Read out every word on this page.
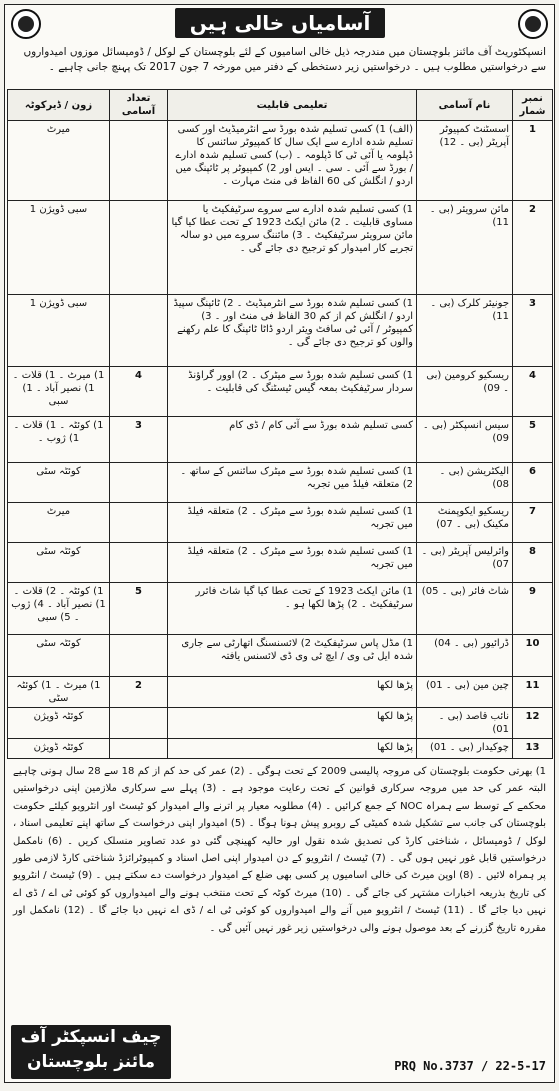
آسامیاں خالی ہیں
انسپکٹوریٹ آف مائنز بلوچستان میں مندرجہ ذیل خالی اسامیوں کے لئے بلوچستان کے لوکل / ڈومیسائل موزوں امیدواروں سے درخواستیں مطلوب ہیں ۔ درخواستیں زیر دستخطی کے دفتر میں مورخہ 7 جون 2017 تک پہنچ جانی چاہیے ۔
نمبر شمار	نام آسامی	تعلیمی قابلیت	تعداد آسامی	زون / ڈیرکوٹہ
1	اسسٹنٹ کمپیوٹر آپریٹر (بی ۔ 12)	(الف) 1) کسی تسلیم شدہ بورڈ سے انٹرمیڈیٹ اور کسی تسلیم شدہ ادارے سے ایک سال کا کمپیوٹر سائنس کا ڈپلومہ یا آئی ٹی کا ڈپلومہ ۔ (ب) کسی تسلیم شدہ ادارے / بورڈ سے آئی ۔ سی ۔ ایس اور 2) کمپیوٹر پر ٹائپنگ میں اردو / انگلش کی 60 الفاظ فی منٹ مہارت ۔		میرٹ
2	مائن سرویئر (بی ۔ 11)	1) کسی تسلیم شدہ ادارے سے سروے سرٹیفکیٹ یا مساوی قابلیت ۔ 2) مائن ایکٹ 1923 کے تحت عطا کیا گیا مائن سرویئر سرٹیفکیٹ ۔ 3) مائننگ سروے میں دو سالہ تجربے کار امیدوار کو ترجیح دی جائے گی ۔		سبی ڈویژن 1
3	جونیئر کلرک (بی ۔ 11)	1) کسی تسلیم شدہ بورڈ سے انٹرمیڈیٹ ۔ 2) ٹائپنگ سپیڈ اردو / انگلش کم از کم 30 الفاظ فی منٹ اور ۔ 3) کمپیوٹر / آئی ٹی سافٹ ویئر اردو ڈاٹا ٹائپنگ کا علم رکھنے والوں کو ترجیح دی جائے گی ۔		سبی ڈویژن 1
4	ریسکیو کرومین (بی ۔ 09)	1) کسی تسلیم شدہ بورڈ سے میٹرک ۔ 2) اوور گراؤنڈ سردار سرٹیفکیٹ بمعہ گیس ٹیسٹنگ کی قابلیت ۔	4	1) میرٹ ۔ 1) قلات ۔ 1) نصیر آباد ۔ 1) سبی
5	سیس انسپکٹر (بی ۔ 09)	کسی تسلیم شدہ بورڈ سے آئی کام / ڈی کام	3	1) کوئٹہ ۔ 1) قلات ۔ 1) ژوب ۔
6	الیکٹریشن (بی ۔ 08)	1) کسی تسلیم شدہ بورڈ سے میٹرک سائنس کے ساتھ ۔ 2) متعلقہ فیلڈ میں تجربہ		کوئٹہ سٹی
7	ریسکیو ایکوپمنٹ مکینک (بی ۔ 07)	1) کسی تسلیم شدہ بورڈ سے میٹرک ۔ 2) متعلقہ فیلڈ میں تجربہ		میرٹ
8	وائرلیس آپریٹر (بی ۔ 07)	1) کسی تسلیم شدہ بورڈ سے میٹرک ۔ 2) متعلقہ فیلڈ میں تجربہ		کوئٹہ سٹی
9	شاٹ فائر (بی ۔ 05)	1) مائن ایکٹ 1923 کے تحت عطا کیا گیا شاٹ فائرر سرٹیفکیٹ ۔ 2) پڑھا لکھا ہو ۔	5	1) کوئٹہ ۔ 2) قلات ۔ 1) نصیر آباد ۔ 4) ژوب ۔ 5) سبی
10	ڈرائیور (بی ۔ 04)	1) مڈل پاس سرٹیفکیٹ 2) لائسنسنگ اتھارٹی سے جاری شدہ ایل ٹی وی / ایچ ٹی وی ڈی لائسنس یافتہ		کوئٹہ سٹی
11	چین مین (بی ۔ 01)	پڑھا لکھا	2	1) میرٹ ۔ 1) کوئٹہ سٹی
12	نائب قاصد (بی ۔ 01)	پڑھا لکھا		کوئٹہ ڈویژن
13	چوکیدار (بی ۔ 01)	پڑھا لکھا		کوئٹہ ڈویژن
1) بھرتی حکومت بلوچستان کی مروجہ پالیسی 2009 کے تحت ہوگی ۔ (2) عمر کی حد کم از کم 18 سے 28 سال ہونی چاہیے البتہ عمر کی حد میں مروجہ سرکاری قوانین کے تحت رعایت موجود ہے ۔ (3) پہلے سے سرکاری ملازمین اپنی درخواستیں محکمے کے توسط سے ہمراہ NOC کے جمع کرائیں ۔ (4) مطلوبہ معیار پر اترنے والے امیدوار کو ٹیسٹ اور انٹرویو کیلئے حکومت بلوچستان کی جانب سے تشکیل شدہ کمیٹی کے روبرو پیش ہونا ہوگا ۔ (5) امیدوار اپنی درخواست کے ساتھ اپنے تعلیمی اسناد ، لوکل / ڈومیسائل ، شناختی کارڈ کی تصدیق شدہ نقول اور حالیہ کھینچی گئی دو عدد تصاویر منسلک کریں ۔ (6) نامکمل درخواستیں قابل غور نہیں ہوں گی ۔ (7) ٹیسٹ / انٹرویو کے دن امیدوار اپنی اصل اسناد و کمپیوٹرائزڈ شناختی کارڈ لازمی طور پر ہمراہ لائیں ۔ (8) اوپن میرٹ کی خالی اسامیوں پر کسی بھی ضلع کے امیدوار درخواست دے سکتے ہیں ۔ (9) ٹیسٹ / انٹرویو کی تاریخ بذریعہ اخبارات مشتہر کی جائے گی ۔ (10) میرٹ کوٹہ کے تحت منتخب ہونے والے امیدواروں کو کوئی ٹی اے / ڈی اے نہیں دیا جائے گا ۔ (11) ٹیسٹ / انٹرویو میں آنے والے امیدواروں کو کوئی ٹی اے / ڈی اے نہیں دیا جائے گا ۔ (12) نامکمل اور مقررہ تاریخ گزرنے کے بعد موصول ہونے والی درخواستیں زیر غور نہیں آئیں گی ۔
چیف انسپکٹر آف
مائنز بلوچستان	PRQ No.3737 / 22-5-17
